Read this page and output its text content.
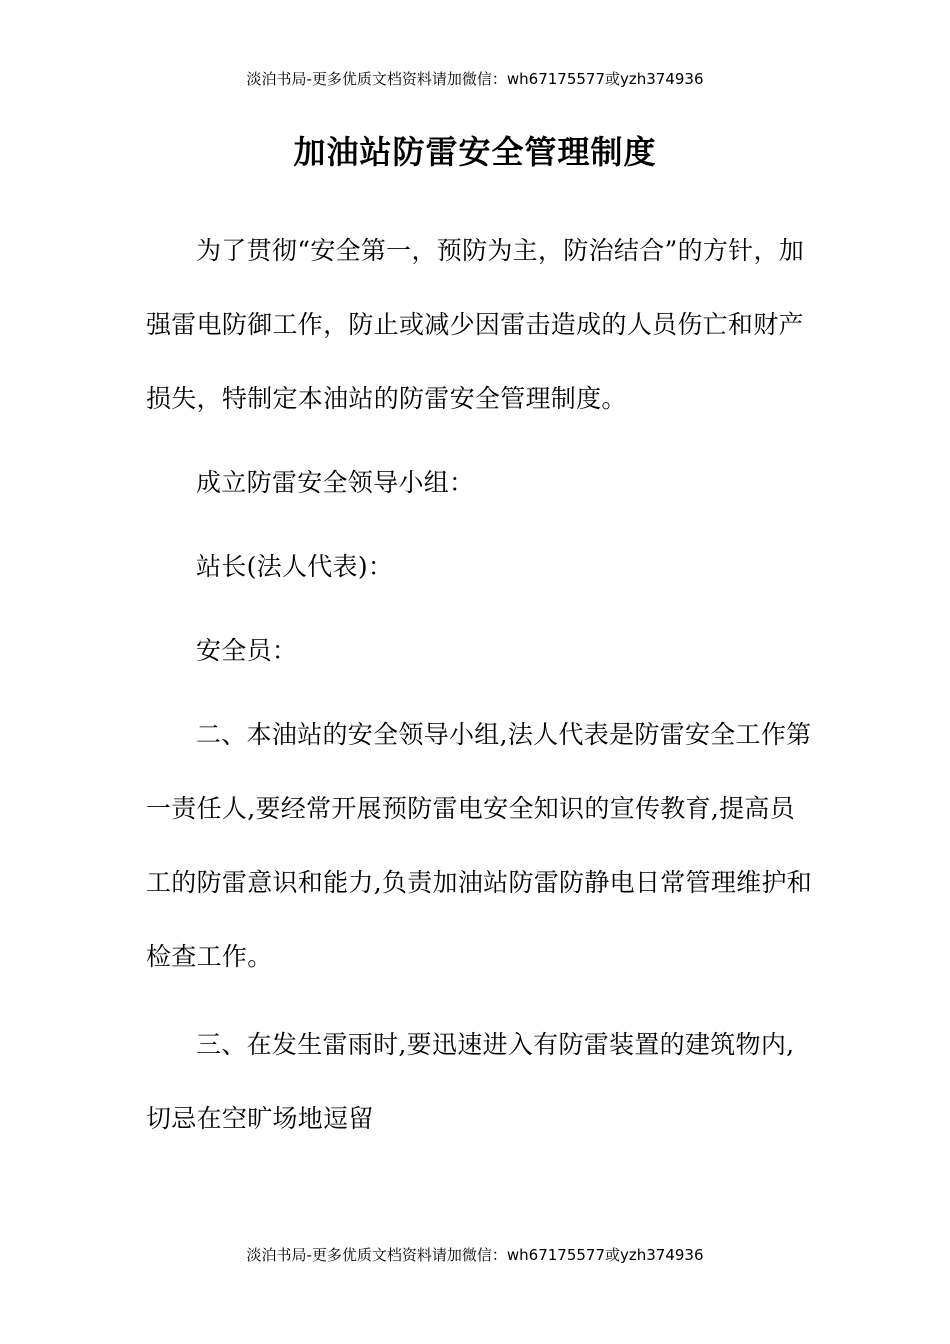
淡泊书局-更多优质文档资料请加微信：wh67175577或yzh374936
加油站防雷安全管理制度

为了贯彻“安全第一，预防为主，防治结合”的方针，加强雷电防御工作，防止或减少因雷击造成的人员伤亡和财产损失，特制定本油站的防雷安全管理制度。

成立防雷安全领导小组：

站长(法人代表)：

安全员：

二、本油站的安全领导小组,法人代表是防雷安全工作第一责任人,要经常开展预防雷电安全知识的宣传教育,提高员工的防雷意识和能力,负责加油站防雷防静电日常管理维护和检查工作。

三、在发生雷雨时,要迅速进入有防雷装置的建筑物内,切忌在空旷场地逗留

淡泊书局-更多优质文档资料请加微信：wh67175577或yzh374936
